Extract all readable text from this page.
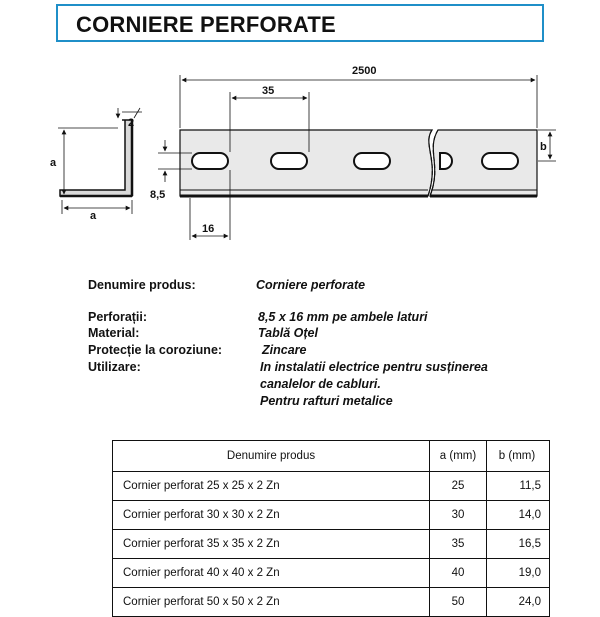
CORNIERE PERFORATE
a
a
2
2500
35
16
8,5
b
Denumire produs:	Corniere perforate
Perforații:	8,5 x 16 mm pe ambele laturi
Material:	Tablă Oțel
Protecție la coroziune:	Zincare
Utilizare:	In instalatii electrice pentru susținerea
canalelor de cabluri.
Pentru rafturi metalice
Denumire produs	a (mm)	b (mm)
Cornier perforat 25 x 25 x 2 Zn	25	11,5
Cornier perforat 30 x 30 x 2 Zn	30	14,0
Cornier perforat 35 x 35 x 2 Zn	35	16,5
Cornier perforat 40 x 40 x 2 Zn	40	19,0
Cornier perforat 50 x 50 x 2 Zn	50	24,0
